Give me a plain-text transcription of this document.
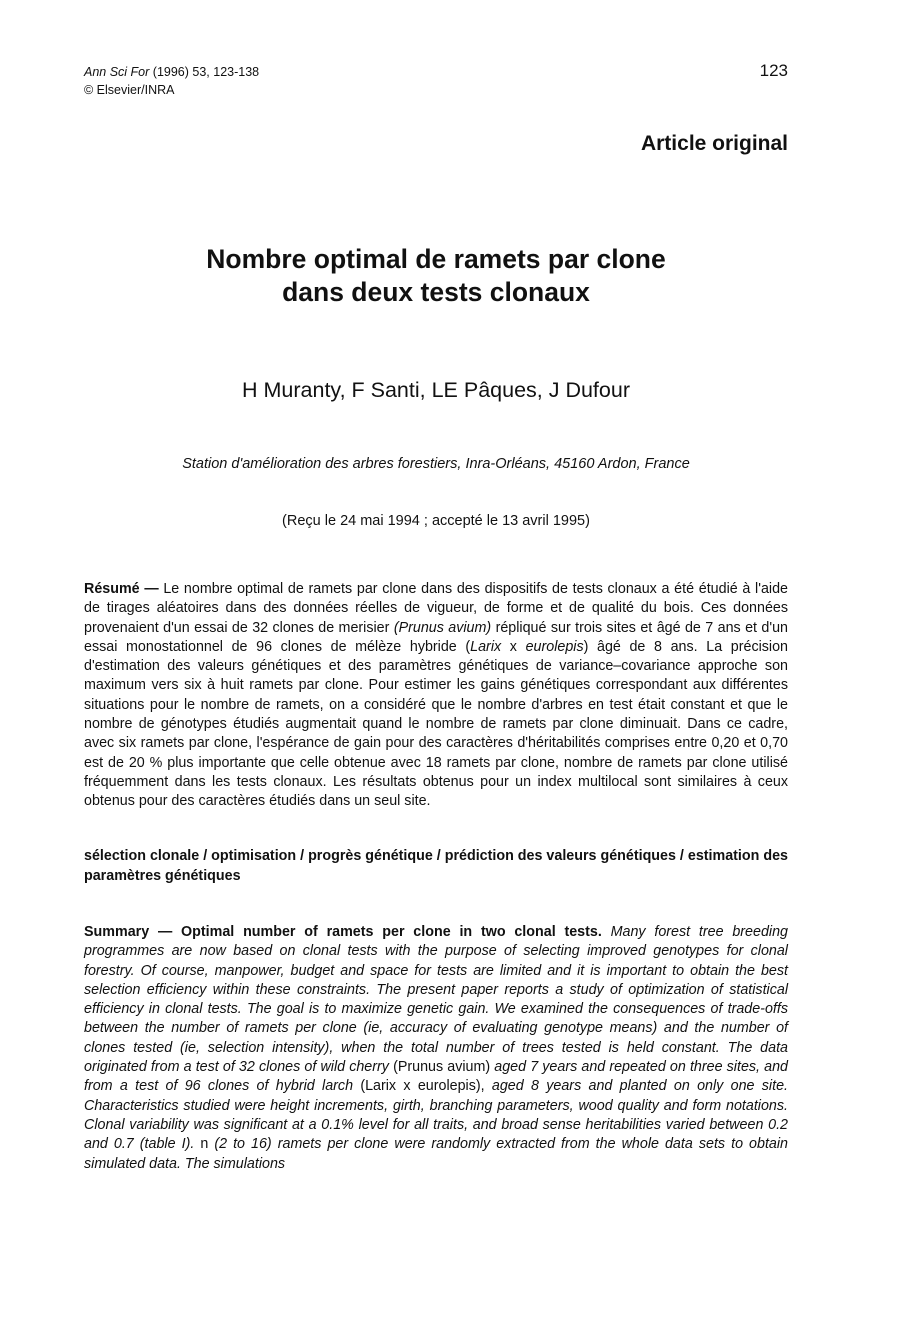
Ann Sci For (1996) 53, 123-138
© Elsevier/INRA
123
Article original
Nombre optimal de ramets par clone
dans deux tests clonaux
H Muranty, F Santi, LE Pâques, J Dufour
Station d'amélioration des arbres forestiers, Inra-Orléans, 45160 Ardon, France
(Reçu le 24 mai 1994 ; accepté le 13 avril 1995)

Résumé — Le nombre optimal de ramets par clone dans des dispositifs de tests clonaux a été étudié à l'aide de tirages aléatoires dans des données réelles de vigueur, de forme et de qualité du bois. Ces données provenaient d'un essai de 32 clones de merisier (Prunus avium) répliqué sur trois sites et âgé de 7 ans et d'un essai monostationnel de 96 clones de mélèze hybride (Larix x eurolepis) âgé de 8 ans. La précision d'estimation des valeurs génétiques et des paramètres génétiques de variance–covariance approche son maximum vers six à huit ramets par clone. Pour estimer les gains génétiques correspondant aux différentes situations pour le nombre de ramets, on a considéré que le nombre d'arbres en test était constant et que le nombre de génotypes étudiés augmentait quand le nombre de ramets par clone diminuait. Dans ce cadre, avec six ramets par clone, l'espérance de gain pour des caractères d'héritabilités comprises entre 0,20 et 0,70 est de 20 % plus importante que celle obtenue avec 18 ramets par clone, nombre de ramets par clone utilisé fréquemment dans les tests clonaux. Les résultats obtenus pour un index multilocal sont similaires à ceux obtenus pour des caractères étudiés dans un seul site.

sélection clonale / optimisation / progrès génétique / prédiction des valeurs génétiques / estimation des paramètres génétiques

Summary — Optimal number of ramets per clone in two clonal tests. Many forest tree breeding programmes are now based on clonal tests with the purpose of selecting improved genotypes for clonal forestry. Of course, manpower, budget and space for tests are limited and it is important to obtain the best selection efficiency within these constraints. The present paper reports a study of optimization of statistical efficiency in clonal tests. The goal is to maximize genetic gain. We examined the consequences of trade-offs between the number of ramets per clone (ie, accuracy of evaluating genotype means) and the number of clones tested (ie, selection intensity), when the total number of trees tested is held constant. The data originated from a test of 32 clones of wild cherry (Prunus avium) aged 7 years and repeated on three sites, and from a test of 96 clones of hybrid larch (Larix x eurolepis), aged 8 years and planted on only one site. Characteristics studied were height increments, girth, branching parameters, wood quality and form notations. Clonal variability was significant at a 0.1% level for all traits, and broad sense heritabilities varied between 0.2 and 0.7 (table I). n (2 to 16) ramets per clone were randomly extracted from the whole data sets to obtain simulated data. The simulations
